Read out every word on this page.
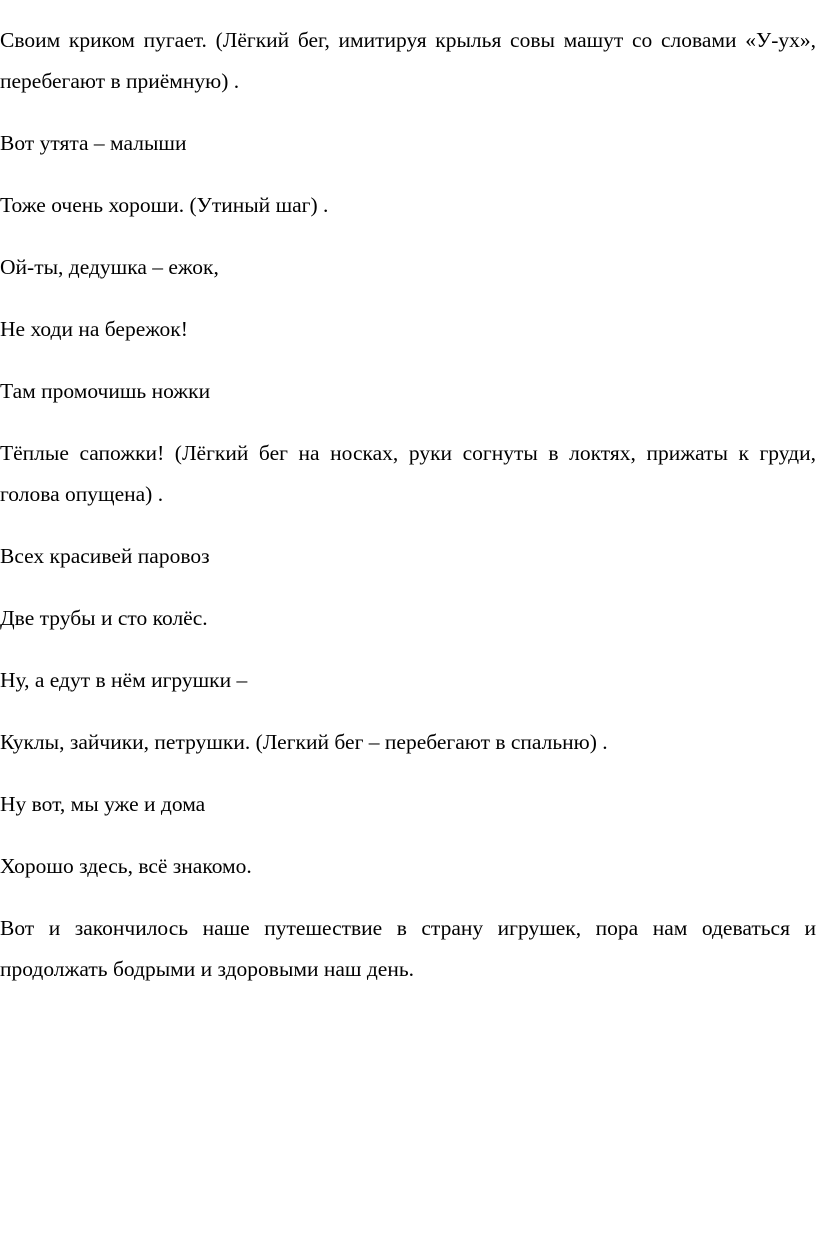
Своим криком пугает. (Лёгкий бег, имитируя крылья совы машут со словами «У-ух», перебегают в приёмную) .

Вот утята – малыши

Тоже очень хороши. (Утиный шаг) .

Ой-ты, дедушка – ежок,

Не ходи на бережок!

Там промочишь ножки

Тёплые сапожки! (Лёгкий бег на носках, руки согнуты в локтях, прижаты к груди, голова опущена) .

Всех красивей паровоз

Две трубы и сто колёс.

Ну, а едут в нём игрушки –

Куклы, зайчики, петрушки. (Легкий бег – перебегают в спальню) .

Ну вот, мы уже и дома

Хорошо здесь, всё знакомо.

Вот и закончилось наше путешествие в страну игрушек, пора нам одеваться и продолжать бодрыми и здоровыми наш день.
